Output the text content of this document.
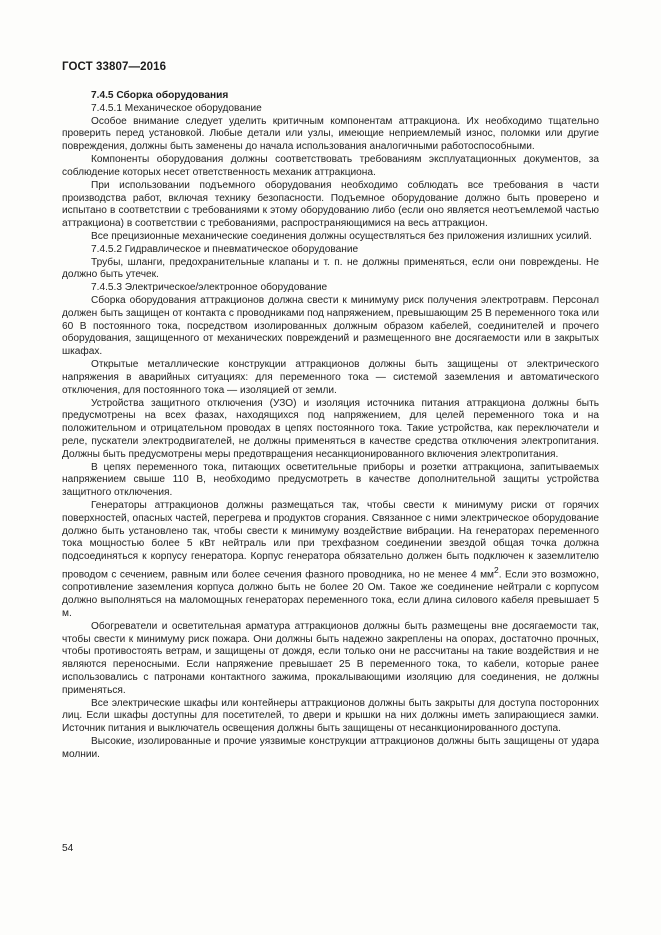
ГОСТ 33807—2016

7.4.5 Сборка оборудования

7.4.5.1 Механическое оборудование

Особое внимание следует уделить критичным компонентам аттракциона. Их необходимо тщательно проверить перед установкой. Любые детали или узлы, имеющие неприемлемый износ, поломки или другие повреждения, должны быть заменены до начала использования аналогичными работоспособными.

Компоненты оборудования должны соответствовать требованиям эксплуатационных документов, за соблюдение которых несет ответственность механик аттракциона.

При использовании подъемного оборудования необходимо соблюдать все требования в части производства работ, включая технику безопасности. Подъемное оборудование должно быть проверено и испытано в соответствии с требованиями к этому оборудованию либо (если оно является неотъемлемой частью аттракциона) в соответствии с требованиями, распространяющимися на весь аттракцион.

Все прецизионные механические соединения должны осуществляться без приложения излишних усилий.

7.4.5.2 Гидравлическое и пневматическое оборудование

Трубы, шланги, предохранительные клапаны и т. п. не должны применяться, если они повреждены. Не должно быть утечек.

7.4.5.3 Электрическое/электронное оборудование

Сборка оборудования аттракционов должна свести к минимуму риск получения электротравм. Персонал должен быть защищен от контакта с проводниками под напряжением, превышающим 25 В переменного тока или 60 В постоянного тока, посредством изолированных должным образом кабелей, соединителей и прочего оборудования, защищенного от механических повреждений и размещенного вне досягаемости или в закрытых шкафах.

Открытые металлические конструкции аттракционов должны быть защищены от электрического напряжения в аварийных ситуациях: для переменного тока — системой заземления и автоматического отключения, для постоянного тока — изоляцией от земли.

Устройства защитного отключения (УЗО) и изоляция источника питания аттракциона должны быть предусмотрены на всех фазах, находящихся под напряжением, для целей переменного тока и на положительном и отрицательном проводах в цепях постоянного тока. Такие устройства, как переключатели и реле, пускатели электродвигателей, не должны применяться в качестве средства отключения электропитания. Должны быть предусмотрены меры предотвращения несанкционированного включения электропитания.

В цепях переменного тока, питающих осветительные приборы и розетки аттракциона, запитываемых напряжением свыше 110 В, необходимо предусмотреть в качестве дополнительной защиты устройства защитного отключения.

Генераторы аттракционов должны размещаться так, чтобы свести к минимуму риски от горячих поверхностей, опасных частей, перегрева и продуктов сгорания. Связанное с ними электрическое оборудование должно быть установлено так, чтобы свести к минимуму воздействие вибрации. На генераторах переменного тока мощностью более 5 кВт нейтраль или при трехфазном соединении звездой общая точка должна подсоединяться к корпусу генератора. Корпус генератора обязательно должен быть подключен к заземлителю проводом с сечением, равным или более сечения фазного проводника, но не менее 4 $мм^2$. Если это возможно, сопротивление заземления корпуса должно быть не более 20 Ом. Такое же соединение нейтрали с корпусом должно выполняться на маломощных генераторах переменного тока, если длина силового кабеля превышает 5 м.

Обогреватели и осветительная арматура аттракционов должны быть размещены вне досягаемости так, чтобы свести к минимуму риск пожара. Они должны быть надежно закреплены на опорах, достаточно прочных, чтобы противостоять ветрам, и защищены от дождя, если только они не рассчитаны на такие воздействия и не являются переносными. Если напряжение превышает 25 В переменного тока, то кабели, которые ранее использовались с патронами контактного зажима, прокалывающими изоляцию для соединения, не должны применяться.

Все электрические шкафы или контейнеры аттракционов должны быть закрыты для доступа посторонних лиц. Если шкафы доступны для посетителей, то двери и крышки на них должны иметь запирающиеся замки. Источник питания и выключатель освещения должны быть защищены от несанкционированного доступа.

Высокие, изолированные и прочие уязвимые конструкции аттракционов должны быть защищены от удара молнии.

54
